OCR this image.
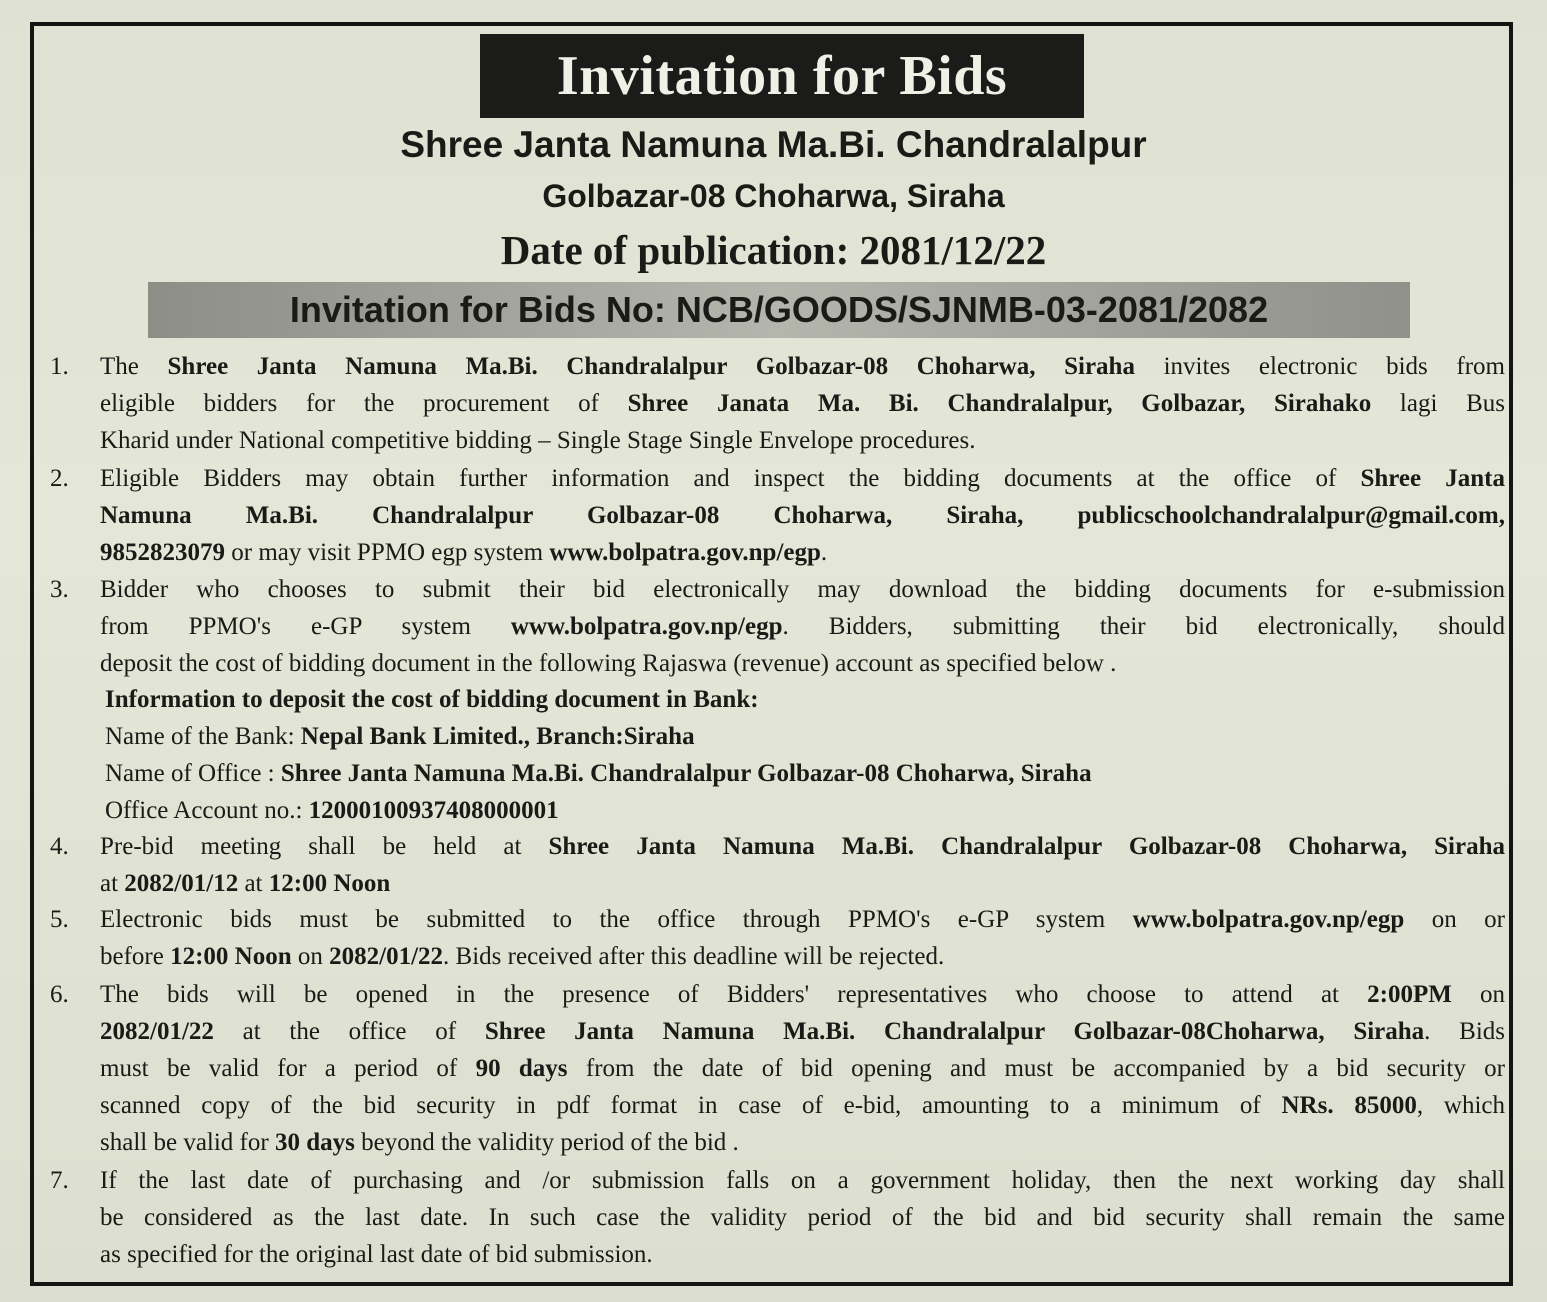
Invitation for Bids
Shree Janta Namuna Ma.Bi. Chandralalpur
Golbazar-08 Choharwa, Siraha
Date of publication: 2081/12/22
Invitation for Bids No: NCB/GOODS/SJNMB-03-2081/2082
1.	The Shree Janta Namuna Ma.Bi. Chandralalpur Golbazar-08 Choharwa, Siraha invites electronic bids from
eligible bidders for the procurement of Shree Janata Ma. Bi. Chandralalpur, Golbazar, Sirahako lagi Bus
Kharid under National competitive bidding – Single Stage Single Envelope procedures.
2.	Eligible Bidders may obtain further information and inspect the bidding documents at the office of Shree Janta
Namuna Ma.Bi. Chandralalpur Golbazar-08 Choharwa, Siraha, publicschoolchandralalpur@gmail.com,
9852823079 or may visit PPMO egp system www.bolpatra.gov.np/egp.
3.	Bidder who chooses to submit their bid electronically may download the bidding documents for e-submission
from PPMO's e-GP system www.bolpatra.gov.np/egp. Bidders, submitting their bid electronically, should
deposit the cost of bidding document in the following Rajaswa (revenue) account as specified below .
Information to deposit the cost of bidding document in Bank:
Name of the Bank: Nepal Bank Limited., Branch:Siraha
Name of Office : Shree Janta Namuna Ma.Bi. Chandralalpur Golbazar-08 Choharwa, Siraha
Office Account no.: 12000100937408000001
4.	Pre-bid meeting shall be held at Shree Janta Namuna Ma.Bi. Chandralalpur Golbazar-08 Choharwa, Siraha
at 2082/01/12 at 12:00 Noon
5.	Electronic bids must be submitted to the office through PPMO's e-GP system www.bolpatra.gov.np/egp on or
before 12:00 Noon on 2082/01/22. Bids received after this deadline will be rejected.
6.	The bids will be opened in the presence of Bidders' representatives who choose to attend at 2:00PM on
2082/01/22 at the office of Shree Janta Namuna Ma.Bi. Chandralalpur Golbazar-08Choharwa, Siraha. Bids
must be valid for a period of 90 days from the date of bid opening and must be accompanied by a bid security or
scanned copy of the bid security in pdf format in case of e-bid, amounting to a minimum of NRs. 85000, which
shall be valid for 30 days beyond the validity period of the bid .
7.	If the last date of purchasing and /or submission falls on a government holiday, then the next working day shall
be considered as the last date. In such case the validity period of the bid and bid security shall remain the same
as specified for the original last date of bid submission.
